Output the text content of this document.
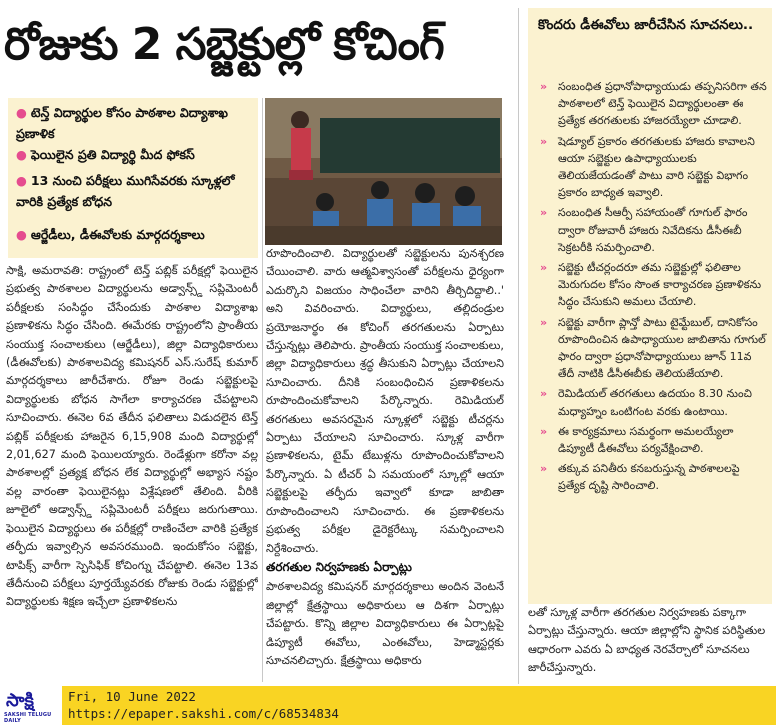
రోజుకు 2 సబ్జెక్టుల్లో కోచింగ్
● టెన్త్ విద్యార్థుల కోసం పాఠశాల విద్యాశాఖ ప్రణాళిక
● ఫెయిలైన ప్రతి విద్యార్థి మీద ఫోకస్
● 13 నుంచి పరీక్షలు ముగిసేవరకు స్కూళ్లలో వారికి ప్రత్యేక బోధన
● ఆర్జేడీలు, డీఈవోలకు మార్గదర్శకాలు

సాక్షి, అమరావతి: రాష్ట్రంలో టెన్త్ పబ్లిక్ పరీక్షల్లో ఫెయిలైన ప్రభుత్వ పాఠశాలల విద్యార్థులను అడ్వాన్స్డ్ సప్లిమెంటరీ పరీక్షలకు సంసిద్ధం చేసేందుకు పాఠశాల విద్యాశాఖ ప్రణాళికను సిద్ధం చేసింది. ఈమేరకు రాష్ట్రంలోని ప్రాంతీయ సంయుక్త సంచాలకులు (ఆర్జేడీలు), జిల్లా విద్యాధికారులు (డీఈవోలకు) పాఠశాలవిద్య కమిషనర్ ఎస్.సురేష్ కుమార్ మార్గదర్శకాలు జారీచేశారు. రోజూ రెండు సబ్జెక్టులపై విద్యార్థులకు బోధన సాగేలా కార్యాచరణ చేపట్టాలని సూచించారు. ఈనెల 6వ తేదీన ఫలితాలు విడుదలైన టెన్త్ పబ్లిక్ పరీక్షలకు హాజరైన 6,15,908 మంది విద్యార్థుల్లో 2,01,627 మంది ఫెయిలయ్యారు. రెండేళ్లుగా కరోనా వల్ల పాఠశాలల్లో ప్రత్యక్ష బోధన లేక విద్యార్థుల్లో అభ్యాస నష్టం వల్ల వారంతా ఫెయిలైనట్లు విశ్లేషణలో తేలింది. వీరికి జూలైలో అడ్వాన్స్డ్ సప్లిమెంటరీ పరీక్షలు జరుగుతాయి. ఫెయిలైన విద్యార్థులు ఈ పరీక్షల్లో రాణించేలా వారికి ప్రత్యేక తర్ఫీదు ఇవ్వాల్సిన అవసరముంది. ఇందుకోసం సబ్జెక్టు, టాపిక్స్ వారీగా స్పెసిఫిక్ కోచింగ్ను చేపట్టాలి. ఈనెల 13వ తేదీనుంచి పరీక్షలు పూర్తయ్యేవరకు రోజుకు రెండు సబ్జెక్టుల్లో విద్యార్థులకు శిక్షణ ఇచ్చేలా ప్రణాళికలను

రూపొందించాలి. విద్యార్థులతో సబ్జెక్టులను పునశ్చరణ చేయించాలి. వారు ఆత్మవిశ్వాసంతో పరీక్షలను ధైర్యంగా ఎదుర్కొని విజయం సాధించేలా వారిని తీర్చిదిద్దాలి..' అని వివరించారు. విద్యార్థులు, తల్లిదండ్రుల ప్రయోజనార్థం ఈ కోచింగ్ తరగతులను ఏర్పాటు చేస్తున్నట్లు తెలిపారు. ప్రాంతీయ సంయుక్త సంచాలకులు, జిల్లా విద్యాధికారులు శ్రద్ధ తీసుకుని ఏర్పాట్లు చేయాలని సూచించారు. దీనికి సంబంధించిన ప్రణాళికలను రూపొందించుకోవాలని పేర్కొన్నారు. రెమిడియల్ తరగతులు అవసరమైన స్కూళ్లలో సబ్జెక్టు టీచర్లను ఏర్పాటు చేయాలని సూచించారు. స్కూళ్ల వారీగా ప్రణాళికలను, టైమ్ టేబుళ్లను రూపొందించుకోవాలని పేర్కొన్నారు. ఏ టీచర్ ఏ సమయంలో స్కూల్లో ఆయా సబ్జెక్టులపై తర్ఫీదు ఇవ్వాలో కూడా జాబితా రూపొందించాలని సూచించారు. ఈ ప్రణాళికలను ప్రభుత్వ పరీక్షల డైరెక్టరేట్కు సమర్పించాలని నిర్దేశించారు.

తరగతుల నిర్వహణకు ఏర్పాట్లు

పాఠశాలవిద్య కమిషనర్ మార్గదర్శకాలు అందిన వెంటనే జిల్లాల్లో క్షేత్రస్థాయి అధికారులు ఆ దిశగా ఏర్పాట్లు చేపట్టారు. కొన్ని జిల్లాల విద్యాధికారులు ఈ ఏర్పాట్లపై డిప్యూటీ ఈవోలు, ఎంఈవోలు, హెడ్మాస్టర్లకు సూచనలిచ్చారు. క్షేత్రస్థాయి అధికారు

కొందరు డీఈవోలు జారీచేసిన సూచనలు..
» సంబంధిత ప్రధానోపాధ్యాయుడు తప్పనిసరిగా తన పాఠశాలలో టెన్త్ ఫెయిలైన విద్యార్థులంతా ఈ ప్రత్యేక తరగతులకు హాజరయ్యేలా చూడాలి.
» షెడ్యూల్ ప్రకారం తరగతులకు హాజరు కావాలని ఆయా సబ్జెక్టుల ఉపాధ్యాయులకు తెలియజేయడంతో పాటు వారి సబ్జెక్టు విభాగం ప్రకారం బాధ్యత ఇవ్వాలి.
» సంబంధిత సీఆర్పీ సహాయంతో గూగుల్ ఫారం ద్వారా రోజువారీ హాజరు నివేదికను డీసీఈబీ సెక్రటరీకి సమర్పించాలి.
» సబ్జెక్టు టీచర్లందరూ తమ సబ్జెక్టుల్లో ఫలితాల మెరుగుదల కోసం సొంత కార్యాచరణ ప్రణాళికను సిద్ధం చేసుకుని అమలు చేయాలి.
» సబ్జెక్టు వారీగా ప్లాన్తో పాటు టైమ్టేబుల్, దానికోసం రూపొందించిన ఉపాధ్యాయుల జాబితాను గూగుల్ ఫారం ద్వారా ప్రధానోపాధ్యాయులు జూన్ 11వ తేదీ నాటికి డీసీఈబీకు తెలియజేయాలి.
» రెమిడియల్ తరగతులు ఉదయం 8.30 నుంచి మధ్యాహ్నం ఒంటిగంట వరకు ఉంటాయి.
» ఈ కార్యక్రమాలు సమర్థంగా అమలయ్యేలా డిప్యూటీ డీఈవోలు పర్యవేక్షించాలి.
» తక్కువ పనితీరు కనబరుస్తున్న పాఠశాలలపై ప్రత్యేక దృష్టి సారించాలి.

లతో స్కూళ్ల వారీగా తరగతుల నిర్వహణకు పక్కాగా ఏర్పాట్లు చేస్తున్నారు. ఆయా జిల్లాల్లోని స్థానిక పరిస్థితుల ఆధారంగా ఎవరు ఏ బాధ్యత నెరవేర్చాలో సూచనలు జారీచేస్తున్నారు.

సాక్షి
SAKSHI TELUGU DAILY
Fri, 10 June 2022
https://epaper.sakshi.com/c/68534834
